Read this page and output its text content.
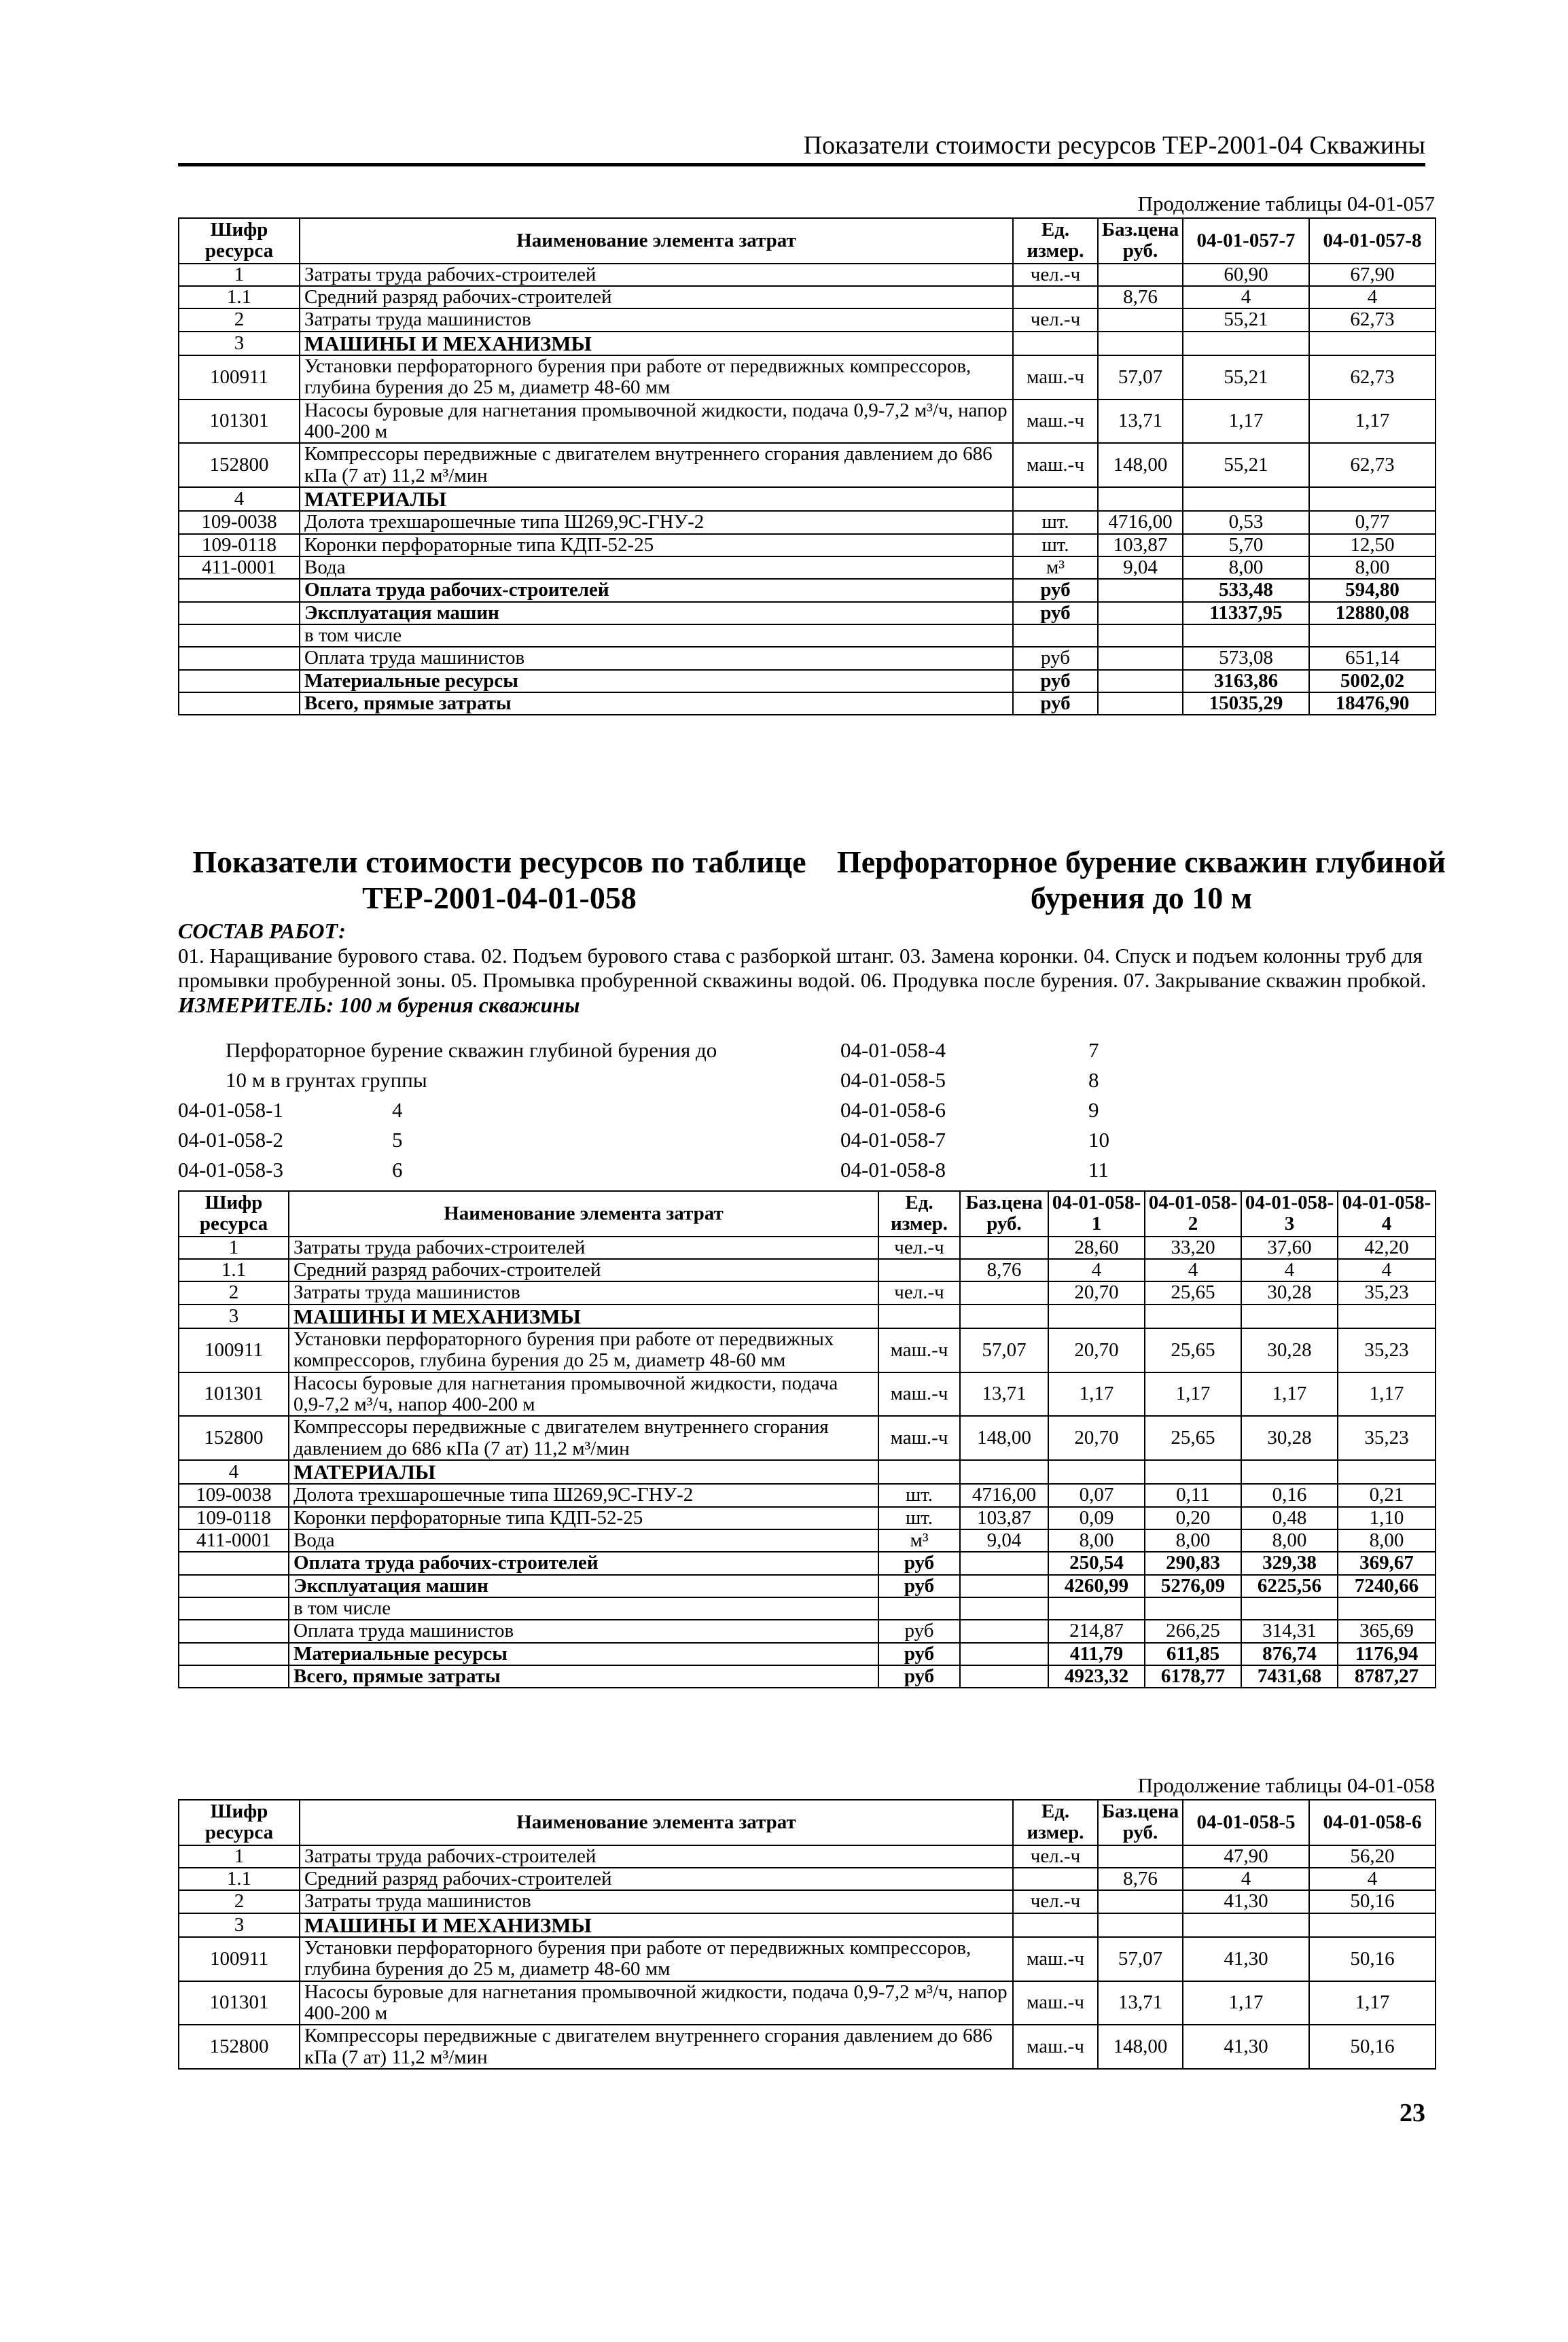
Показатели стоимости ресурсов ТЕР-2001-04 Скважины
Продолжение таблицы 04-01-057
Шифр ресурса	Наименование элемента затрат	Ед. измер.	Баз.цена руб.	04-01-057-7	04-01-057-8
1	Затраты труда рабочих-строителей	чел.-ч		60,90	67,90
1.1	Средний разряд рабочих-строителей		8,76	4	4
2	Затраты труда машинистов	чел.-ч		55,21	62,73
3	МАШИНЫ И МЕХАНИЗМЫ				
100911	Установки перфораторного бурения при работе от передвижных компрессоров, глубина бурения до 25 м, диаметр 48-60 мм	маш.-ч	57,07	55,21	62,73
101301	Насосы буровые для нагнетания промывочной жидкости, подача 0,9-7,2 м³/ч, напор 400-200 м	маш.-ч	13,71	1,17	1,17
152800	Компрессоры передвижные с двигателем внутреннего сгорания давлением до 686 кПа (7 ат) 11,2 м³/мин	маш.-ч	148,00	55,21	62,73
4	МАТЕРИАЛЫ				
109-0038	Долота трехшарошечные типа Ш269,9С-ГНУ-2	шт.	4716,00	0,53	0,77
109-0118	Коронки перфораторные типа КДП-52-25	шт.	103,87	5,70	12,50
411-0001	Вода	м³	9,04	8,00	8,00
	Оплата труда рабочих-строителей	руб		533,48	594,80
	Эксплуатация машин	руб		11337,95	12880,08
	в том числе				
	Оплата труда машинистов	руб		573,08	651,14
	Материальные ресурсы	руб		3163,86	5002,02
	Всего, прямые затраты	руб		15035,29	18476,90
Показатели стоимости ресурсов по таблице ТЕР-2001-04-01-058
Перфораторное бурение скважин глубиной бурения до 10 м
СОСТАВ РАБОТ:
01. Наращивание бурового става. 02. Подъем бурового става с разборкой штанг. 03. Замена коронки. 04. Спуск и подъем колонны труб для промывки пробуренной зоны. 05. Промывка пробуренной скважины водой. 06. Продувка после бурения. 07. Закрывание скважин пробкой.
ИЗМЕРИТЕЛЬ: 100 м бурения скважины
Перфораторное бурение скважин глубиной бурения до	04-01-058-4	7
10 м в грунтах группы	04-01-058-5	8
04-01-058-1	4	04-01-058-6	9
04-01-058-2	5	04-01-058-7	10
04-01-058-3	6	04-01-058-8	11
Шифр ресурса	Наименование элемента затрат	Ед. измер.	Баз.цена руб.	04-01-058-1	04-01-058-2	04-01-058-3	04-01-058-4
1	Затраты труда рабочих-строителей	чел.-ч		28,60	33,20	37,60	42,20
1.1	Средний разряд рабочих-строителей		8,76	4	4	4	4
2	Затраты труда машинистов	чел.-ч		20,70	25,65	30,28	35,23
3	МАШИНЫ И МЕХАНИЗМЫ						
100911	Установки перфораторного бурения при работе от передвижных компрессоров, глубина бурения до 25 м, диаметр 48-60 мм	маш.-ч	57,07	20,70	25,65	30,28	35,23
101301	Насосы буровые для нагнетания промывочной жидкости, подача 0,9-7,2 м³/ч, напор 400-200 м	маш.-ч	13,71	1,17	1,17	1,17	1,17
152800	Компрессоры передвижные с двигателем внутреннего сгорания давлением до 686 кПа (7 ат) 11,2 м³/мин	маш.-ч	148,00	20,70	25,65	30,28	35,23
4	МАТЕРИАЛЫ						
109-0038	Долота трехшарошечные типа Ш269,9С-ГНУ-2	шт.	4716,00	0,07	0,11	0,16	0,21
109-0118	Коронки перфораторные типа КДП-52-25	шт.	103,87	0,09	0,20	0,48	1,10
411-0001	Вода	м³	9,04	8,00	8,00	8,00	8,00
	Оплата труда рабочих-строителей	руб		250,54	290,83	329,38	369,67
	Эксплуатация машин	руб		4260,99	5276,09	6225,56	7240,66
	в том числе						
	Оплата труда машинистов	руб		214,87	266,25	314,31	365,69
	Материальные ресурсы	руб		411,79	611,85	876,74	1176,94
	Всего, прямые затраты	руб		4923,32	6178,77	7431,68	8787,27
Продолжение таблицы 04-01-058
Шифр ресурса	Наименование элемента затрат	Ед. измер.	Баз.цена руб.	04-01-058-5	04-01-058-6
1	Затраты труда рабочих-строителей	чел.-ч		47,90	56,20
1.1	Средний разряд рабочих-строителей		8,76	4	4
2	Затраты труда машинистов	чел.-ч		41,30	50,16
3	МАШИНЫ И МЕХАНИЗМЫ				
100911	Установки перфораторного бурения при работе от передвижных компрессоров, глубина бурения до 25 м, диаметр 48-60 мм	маш.-ч	57,07	41,30	50,16
101301	Насосы буровые для нагнетания промывочной жидкости, подача 0,9-7,2 м³/ч, напор 400-200 м	маш.-ч	13,71	1,17	1,17
152800	Компрессоры передвижные с двигателем внутреннего сгорания давлением до 686 кПа (7 ат) 11,2 м³/мин	маш.-ч	148,00	41,30	50,16
23
